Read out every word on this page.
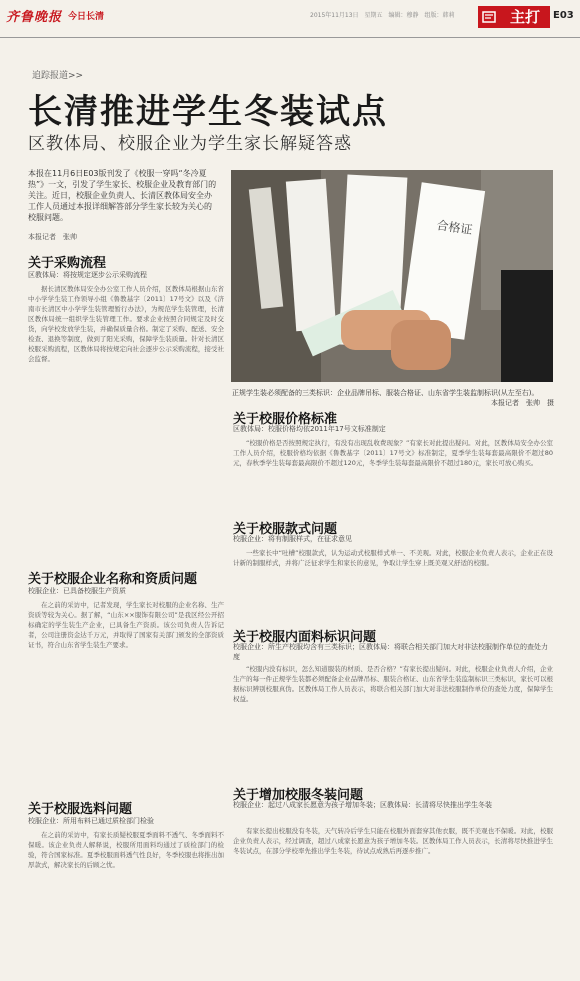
齐鲁晚报 今日长清	2015年11月13日　星期五　编辑：穆静　组版：韩莉	主打	E03
追踪报道>>
长清推进学生冬装试点
区教体局、校服企业为学生家长解疑答惑
本报在11月6日E03版刊发了《校服一穿吗“冬冷夏热”》一文，引发了学生家长、校服企业及教育部门的关注。近日，校服企业负责人、长清区教体局安全办工作人员通过本报详细解答部分学生家长较为关心的校服问题。
本报记者　张帅	合格证
正规学生装必须配备的三类标识：企业品牌吊标、服装合格证、山东省学生装监制标识(从左至右)。
本报记者　张帅　摄
关于采购流程
区教体局：将按规定逐步公示采购流程

据长清区教体局安全办公室工作人员介绍，区教体局根据山东省中小学学生装工作领导小组《鲁教基字〔2011〕17号文》以及《济南市长清区中小学学生装管理暂行办法》，为规范学生装管理，长清区教体局统一组织学生装管理工作。要求企业按照合同规定及时交货，向学校发放学生装，并确保质量合格。制定了采购、配送、安全检查、退换等制度，做到了阳光采购，保障学生装质量。针对长清区校服采购流程，区教体局将按规定向社会逐步公示采购流程，接受社会监督。

关于校服企业名称和资质问题
校服企业：已具备校服生产资质

在之前的采访中，记者发现，学生家长对校服的企业名称、生产资质等较为关心。据了解，“山东××服饰有限公司”是我区经公开招标确定的学生装生产企业，已具备生产资质。该公司负责人告诉记者，公司注册资金达千万元，并取得了国家有关部门颁发的全部资质证书，符合山东省学生装生产要求。

关于校服选料问题
校服企业：所用布料已通过质检部门检验

在之前的采访中，有家长质疑校服夏季面料不透气、冬季面料不保暖。该企业负责人解释说，校服所用面料均通过了质检部门的检验，符合国家标准。夏季校服面料透气性良好，冬季校服也将推出加厚款式，解决家长的后顾之忧。

关于校服价格标准
区教体局：校服价格均依2011年17号文标准制定

“校服价格是否按照规定执行，有没有出现乱收费现象？”有家长对此提出疑问。对此，区教体局安全办公室工作人员介绍，校服价格均依据《鲁教基字〔2011〕17号文》标准制定，夏季学生装每套最高限价不超过80元，春秋季学生装每套最高限价不超过120元，冬季学生装每套最高限价不超过180元，家长可放心购买。

关于校服款式问题
校服企业：将有制服样式，在征求意见

一些家长中“吐槽”校服款式，认为运动式校服样式单一、不美观。对此，校服企业负责人表示，企业正在设计新的制服样式，并将广泛征求学生和家长的意见，争取让学生穿上既美观又舒适的校服。

关于校服内面料标识问题
校服企业：所生产校服均含有三类标识；区教体局：将联合相关部门加大对非法校服制作单位的查处力度

“校服内没有标识，怎么知道服装的材质、是否合格？”有家长提出疑问。对此，校服企业负责人介绍，企业生产的每一件正规学生装都必须配备企业品牌吊标、服装合格证、山东省学生装监制标识三类标识，家长可以根据标识辨别校服真伪。区教体局工作人员表示，将联合相关部门加大对非法校服制作单位的查处力度，保障学生权益。

关于增加校服冬装问题
校服企业：起过八成家长愿意为孩子增加冬装；区教体局：长清将尽快推出学生冬装

有家长提出校服没有冬装，天气转冷后学生只能在校服外面套穿其他衣服，既不美观也不保暖。对此，校服企业负责人表示，经过调查，超过八成家长愿意为孩子增加冬装。区教体局工作人员表示，长清将尽快推进学生冬装试点，在部分学校率先推出学生冬装，待试点成熟后再逐步推广。
